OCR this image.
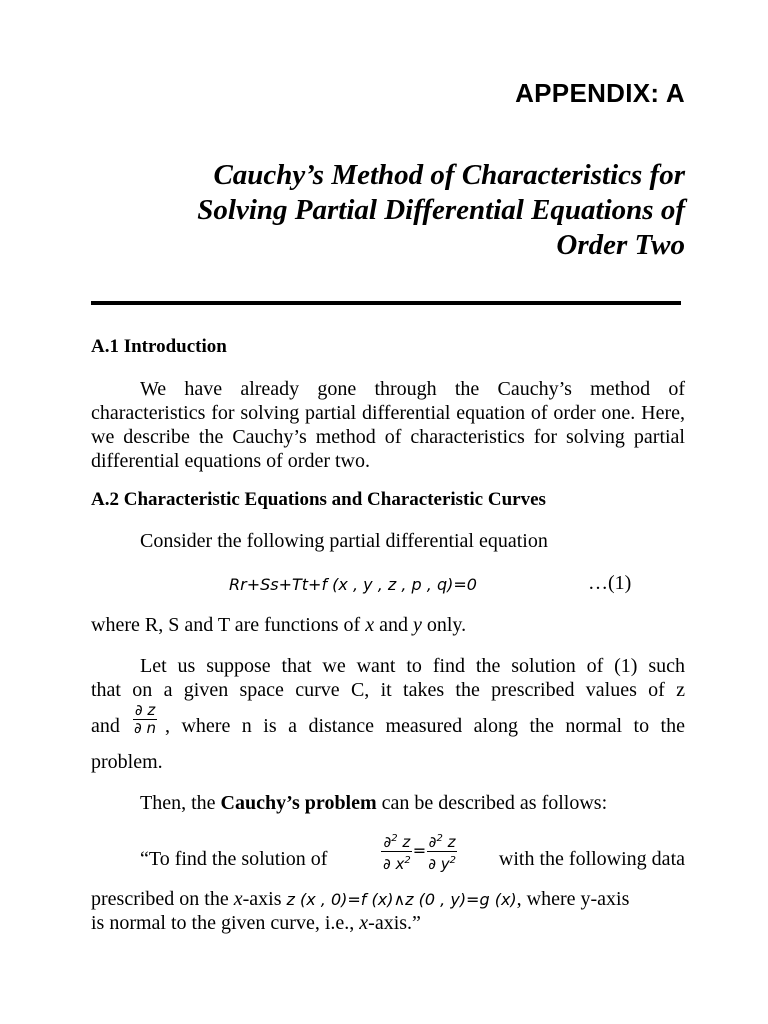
APPENDIX: A
Cauchy’s Method of Characteristics for
Solving Partial Differential Equations of
Order Two
A.1 Introduction

We have already gone through the Cauchy’s method of characteristics for solving partial differential equation of order one. Here, we describe the Cauchy’s method of characteristics for solving partial differential equations of order two.

A.2 Characteristic Equations and Characteristic Curves
Consider the following partial differential equation
Rr+Ss+Tt+f (x , y , z , p , q)=0	…(1)
where R, S and T are functions of x and y only.
Let us suppose that we want to find the solution of (1) such
that on a given space curve C, it takes the prescribed values of z
and $\frac{\partial z}{\partial n}$ , where n is a distance measured along the normal to the
problem.
Then, the Cauchy’s problem can be described as follows:
“To find the solution of	$\frac{\partial^2 z}{\partial x^2} = \frac{\partial^2 z}{\partial y^2}$ with the following data
prescribed on the x-axis z (x , 0)=f (x)∧z (0 , y)=g (x), where y-axis
is normal to the given curve, i.e., x-axis.”
